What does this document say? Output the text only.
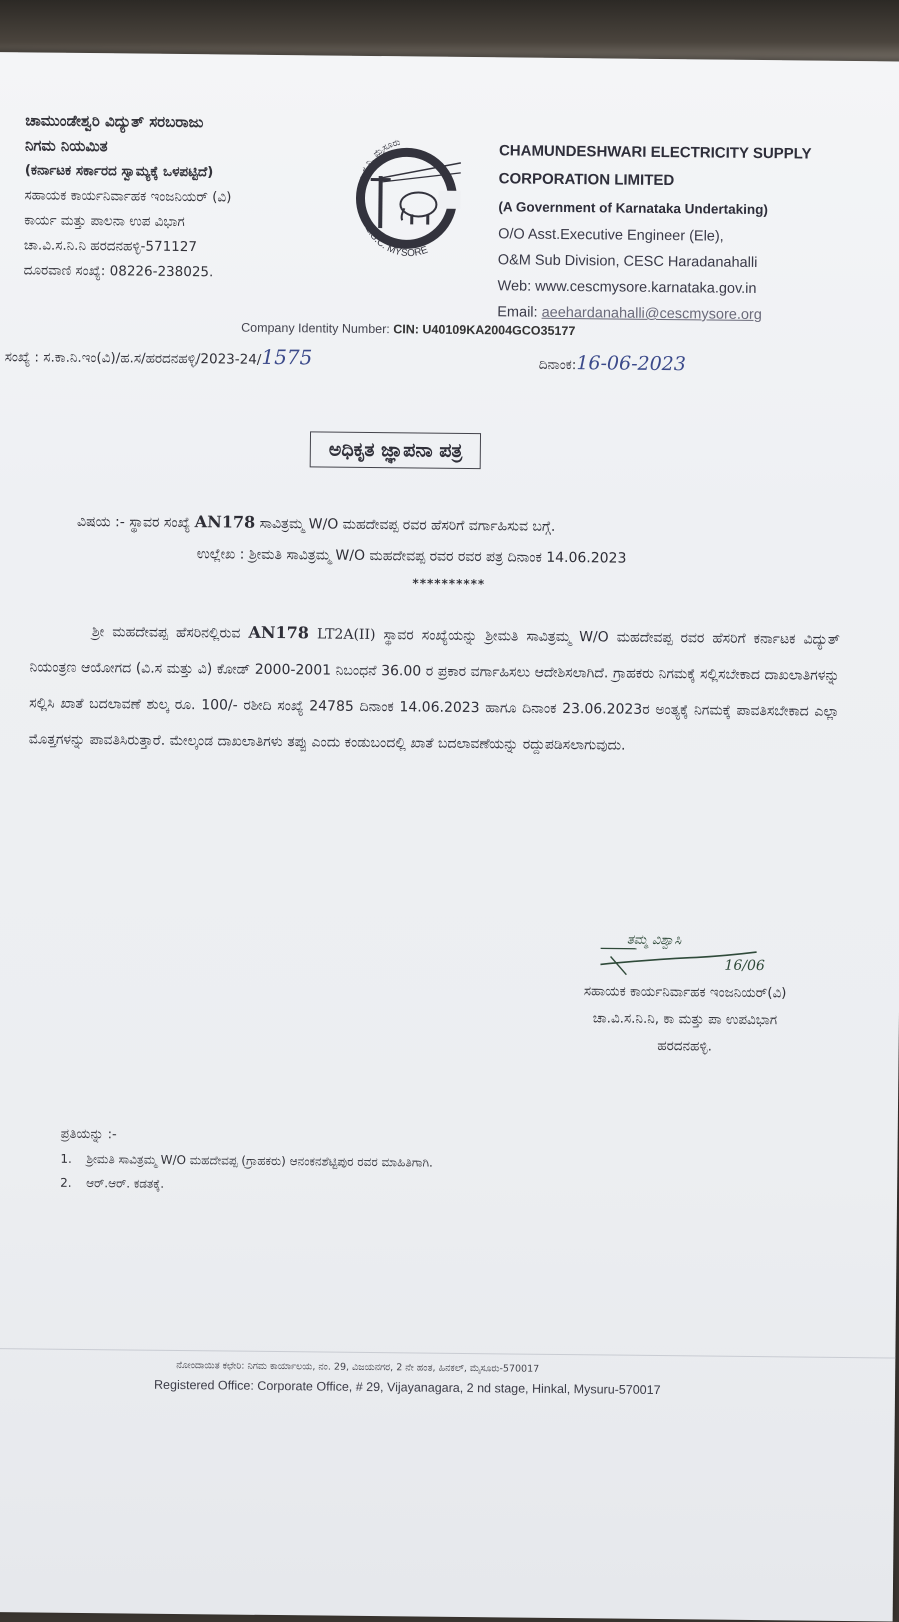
ಚಾಮುಂಡೇಶ್ವರಿ ವಿದ್ಯುತ್ ಸರಬರಾಜು
ನಿಗಮ ನಿಯಮಿತ
(ಕರ್ನಾಟಕ ಸರ್ಕಾರದ ಸ್ವಾಮ್ಯಕ್ಕೆ ಒಳಪಟ್ಟಿದೆ)
ಸಹಾಯಕ ಕಾರ್ಯನಿರ್ವಾಹಕ ಇಂಜನಿಯರ್ (ವಿ)
ಕಾರ್ಯ ಮತ್ತು ಪಾಲನಾ ಉಪ ವಿಭಾಗ
ಚಾ.ವಿ.ಸ.ನಿ.ನಿ ಹರದನಹಳ್ಳಿ-571127
ದೂರವಾಣಿ ಸಂಖ್ಯೆ: 08226-238025.
ಚಾ.ವಿ.ಸ.ನಿ. ಮೈಸೂರು
C.E.S.C. MYSORE
CHAMUNDESHWARI ELECTRICITY SUPPLY
CORPORATION LIMITED
(A Government of Karnataka Undertaking)
O/O Asst.Executive Engineer (Ele),
O&M Sub Division, CESC Haradanahalli
Web: www.cescmysore.karnataka.gov.in
Email: aeehardanahalli@cescmysore.org
Company Identity Number: CIN: U40109KA2004GCO35177
ಸಂಖ್ಯೆ : ಸ.ಕಾ.ನಿ.ಇಂ(ವಿ)/ಹ.ಸ/ಹರದನಹಳ್ಳಿ/2023-24/1575	ದಿನಾಂಕ:16-06-2023
ಅಧಿಕೃತ ಜ್ಞಾಪನಾ ಪತ್ರ
ವಿಷಯ :- ಸ್ಥಾವರ ಸಂಖ್ಯೆ AN178 ಸಾವಿತ್ರಮ್ಮ W/O ಮಹದೇವಪ್ಪ ರವರ ಹೆಸರಿಗೆ ವರ್ಗಾಹಿಸುವ ಬಗ್ಗೆ.
ಉಲ್ಲೇಖ : ಶ್ರೀಮತಿ ಸಾವಿತ್ರಮ್ಮ W/O ಮಹದೇವಪ್ಪ ರವರ ರವರ ಪತ್ರ ದಿನಾಂಕ 14.06.2023
**********
ಶ್ರೀ ಮಹದೇವಪ್ಪ ಹೆಸರಿನಲ್ಲಿರುವ AN178 LT2A(II) ಸ್ಥಾವರ ಸಂಖ್ಯೆಯನ್ನು ಶ್ರೀಮತಿ ಸಾವಿತ್ರಮ್ಮ W/O ಮಹದೇವಪ್ಪ ರವರ ಹೆಸರಿಗೆ ಕರ್ನಾಟಕ ವಿದ್ಯುತ್ ನಿಯಂತ್ರಣ ಆಯೋಗದ (ವಿ.ಸ ಮತ್ತು ವಿ) ಕೋಡ್ 2000-2001 ನಿಬಂಧನೆ 36.00 ರ ಪ್ರಕಾರ ವರ್ಗಾಹಿಸಲು ಆದೇಶಿಸಲಾಗಿದೆ. ಗ್ರಾಹಕರು ನಿಗಮಕ್ಕೆ ಸಲ್ಲಿಸಬೇಕಾದ ದಾಖಲಾತಿಗಳನ್ನು ಸಲ್ಲಿಸಿ ಖಾತೆ ಬದಲಾವಣೆ ಶುಲ್ಕ ರೂ. 100/- ರಶೀದಿ ಸಂಖ್ಯೆ 24785 ದಿನಾಂಕ 14.06.2023 ಹಾಗೂ ದಿನಾಂಕ 23.06.2023ರ ಅಂತ್ಯಕ್ಕೆ ನಿಗಮಕ್ಕೆ ಪಾವತಿಸಬೇಕಾದ ಎಲ್ಲಾ ಮೊತ್ತಗಳನ್ನು ಪಾವತಿಸಿರುತ್ತಾರೆ. ಮೇಲ್ಕಂಡ ದಾಖಲಾತಿಗಳು ತಪ್ಪು ಎಂದು ಕಂಡುಬಂದಲ್ಲಿ ಖಾತೆ ಬದಲಾವಣೆಯನ್ನು ರದ್ದುಪಡಿಸಲಾಗುವುದು.
ತಮ್ಮ ವಿಶ್ವಾಸಿ
16/06
ಸಹಾಯಕ ಕಾರ್ಯನಿರ್ವಾಹಕ ಇಂಜನಿಯರ್(ವಿ)
ಚಾ.ವಿ.ಸ.ನಿ.ನಿ, ಕಾ ಮತ್ತು ಪಾ ಉಪವಿಭಾಗ
ಹರದನಹಳ್ಳಿ.
ಪ್ರತಿಯನ್ನು :-
1. ಶ್ರೀಮತಿ ಸಾವಿತ್ರಮ್ಮ W/O ಮಹದೇವಪ್ಪ (ಗ್ರಾಹಕರು) ಆನಂಕನಶೆಟ್ಟಿಪುರ ರವರ ಮಾಹಿತಿಗಾಗಿ.
2. ಆರ್.ಆರ್. ಕಡತಕ್ಕೆ.
ನೋಂದಾಯಿತ ಕಛೇರಿ: ನಿಗಮ ಕಾರ್ಯಾಲಯ, ನಂ. 29, ವಿಜಯನಗರ, 2 ನೇ ಹಂತ, ಹಿನಕಲ್, ಮೈಸೂರು-570017
Registered Office: Corporate Office, # 29, Vijayanagara, 2 nd stage, Hinkal, Mysuru-570017
